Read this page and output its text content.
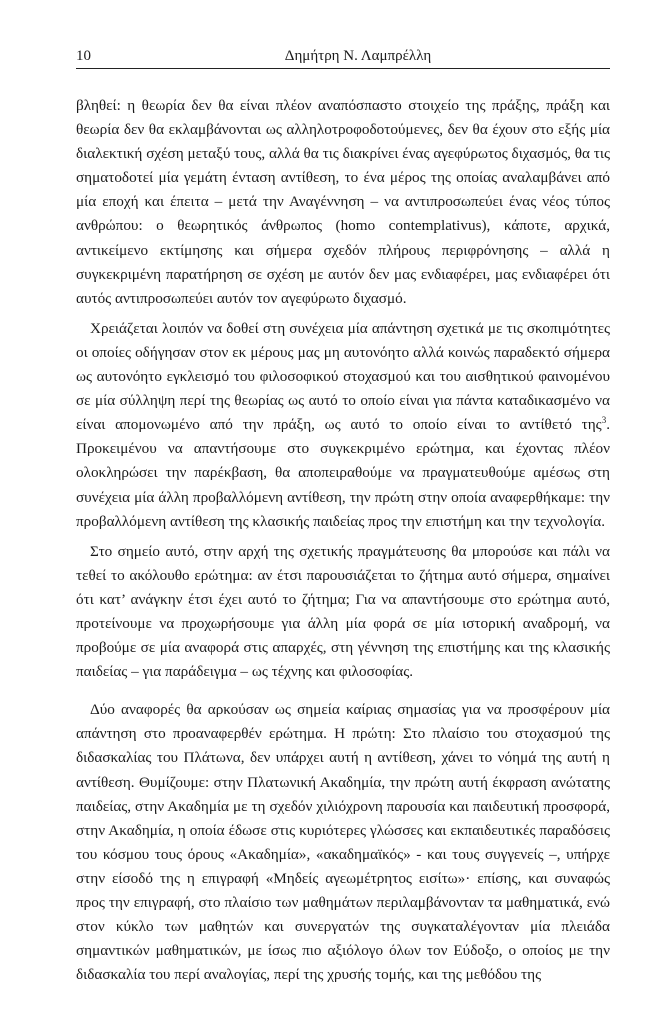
10	Δημήτρη Ν. Λαμπρέλλη

βληθεί: η θεωρία δεν θα είναι πλέον αναπόσπαστο στοιχείο της πράξης, πράξη και θεωρία δεν θα εκλαμβάνονται ως αλληλοτροφοδοτούμενες, δεν θα έχουν στο εξής μία διαλεκτική σχέση μεταξύ τους, αλλά θα τις διακρίνει ένας αγεφύρωτος διχασμός, θα τις σηματοδοτεί μία γεμάτη ένταση αντίθεση, το ένα μέρος της οποίας αναλαμβάνει από μία εποχή και έπειτα – μετά την Αναγέννηση – να αντιπροσωπεύει ένας νέος τύπος ανθρώπου: ο θεωρητικός άνθρωπος (homo contemplativus), κάποτε, αρχικά, αντικείμενο εκτίμησης και σήμερα σχεδόν πλήρους περιφρόνησης – αλλά η συγκεκριμένη παρατήρηση σε σχέση με αυτόν δεν μας ενδιαφέρει, μας ενδιαφέρει ότι αυτός αντιπροσωπεύει αυτόν τον αγεφύρωτο διχασμό.

Χρειάζεται λοιπόν να δοθεί στη συνέχεια μία απάντηση σχετικά με τις σκοπιμότητες οι οποίες οδήγησαν στον εκ μέρους μας μη αυτονόητο αλλά κοινώς παραδεκτό σήμερα ως αυτονόητο εγκλεισμό του φιλοσοφικού στοχασμού και του αισθητικού φαινομένου σε μία σύλληψη περί της θεωρίας ως αυτό το οποίο είναι για πάντα καταδικασμένο να είναι απομονωμένο από την πράξη, ως αυτό το οποίο είναι το αντίθετό της$^3$. Προκειμένου να απαντήσουμε στο συγκεκριμένο ερώτημα, και έχοντας πλέον ολοκληρώσει την παρέκβαση, θα αποπειραθούμε να πραγματευθούμε αμέσως στη συνέχεια μία άλλη προβαλλόμενη αντίθεση, την πρώτη στην οποία αναφερθήκαμε: την προβαλλόμενη αντίθεση της κλασικής παιδείας προς την επιστήμη και την τεχνολογία.

Στο σημείο αυτό, στην αρχή της σχετικής πραγμάτευσης θα μπορούσε και πάλι να τεθεί το ακόλουθο ερώτημα: αν έτσι παρουσιάζεται το ζήτημα αυτό σήμερα, σημαίνει ότι κατ’ ανάγκην έτσι έχει αυτό το ζήτημα; Για να απαντήσουμε στο ερώτημα αυτό, προτείνουμε να προχωρήσουμε για άλλη μία φορά σε μία ιστορική αναδρομή, να προβούμε σε μία αναφορά στις απαρχές, στη γέννηση της επιστήμης και της κλασικής παιδείας – για παράδειγμα – ως τέχνης και φιλοσοφίας.

Δύο αναφορές θα αρκούσαν ως σημεία καίριας σημασίας για να προσφέρουν μία απάντηση στο προαναφερθέν ερώτημα. Η πρώτη: Στο πλαίσιο του στοχασμού της διδασκαλίας του Πλάτωνα, δεν υπάρχει αυτή η αντίθεση, χάνει το νόημά της αυτή η αντίθεση. Θυμίζουμε: στην Πλατωνική Ακαδημία, την πρώτη αυτή έκφραση ανώτατης παιδείας, στην Ακαδημία με τη σχεδόν χιλιόχρονη παρουσία και παιδευτική προσφορά, στην Ακαδημία, η οποία έδωσε στις κυριότερες γλώσσες και εκπαιδευτικές παραδόσεις του κόσμου τους όρους «Ακαδημία», «ακαδημαϊκός» - και τους συγγενείς –, υπήρχε στην είσοδό της η επιγραφή «Μηδείς αγεωμέτρητος εισίτω»· επίσης, και συναφώς προς την επιγραφή, στο πλαίσιο των μαθημάτων περιλαμβάνονταν τα μαθηματικά, ενώ στον κύκλο των μαθητών και συνεργατών της συγκαταλέγονταν μία πλειάδα σημαντικών μαθηματικών, με ίσως πιο αξιόλογο όλων τον Εύδοξο, ο οποίος με την διδασκαλία του περί αναλογίας, περί της χρυσής τομής, και της μεθόδου της
